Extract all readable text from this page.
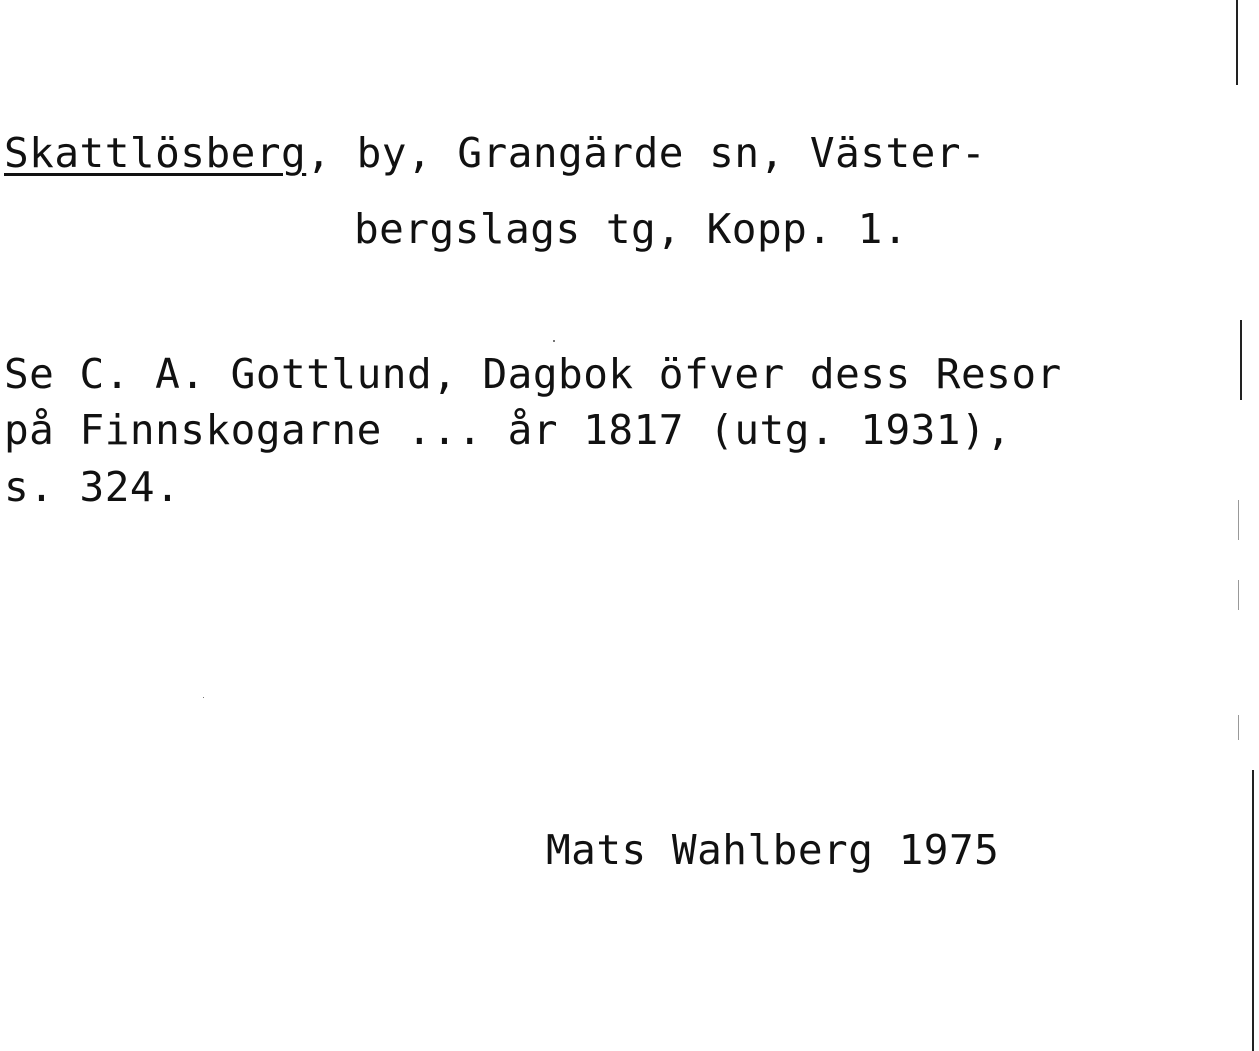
Skattlösberg, by, Grangärde sn, Väster-
bergslags tg, Kopp. 1.
Se C. A. Gottlund, Dagbok öfver dess Resor
på Finnskogarne ... år 1817 (utg. 1931),
s. 324.
Mats Wahlberg 1975
